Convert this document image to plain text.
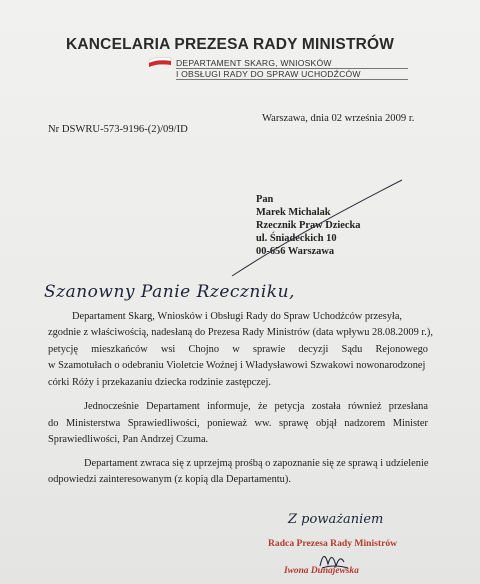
KANCELARIA PREZESA RADY MINISTRÓW
DEPARTAMENT SKARG, WNIOSKÓW
I OBSŁUGI RADY DO SPRAW UCHODŹCÓW
Warszawa, dnia 02 września 2009 r.
Nr DSWRU-573-9196-(2)/09/ID
Pan
Marek Michalak
Rzecznik Praw Dziecka
ul. Śniadeckich 10
00-656 Warszawa
Szanowny Panie Rzeczniku,
Departament Skarg, Wniosków i Obsługi Rady do Spraw Uchodźców przesyła,
zgodnie z właściwością, nadesłaną do Prezesa Rady Ministrów (data wpływu 28.08.2009 r.),
petycję mieszkańców wsi Chojno w sprawie decyzji Sądu Rejonowego
w Szamotułach o odebraniu Violetcie Woźnej i Władysławowi Szwakowi nowonarodzonej
córki Róży i przekazaniu dziecka rodzinie zastępczej.
Jednocześnie Departament informuje, że petycja została również przesłana
do Ministerstwa Sprawiedliwości, ponieważ ww. sprawę objął nadzorem Minister
Sprawiedliwości, Pan Andrzej Czuma.
Departament zwraca się z uprzejmą prośbą o zapoznanie się ze sprawą i udzielenie
odpowiedzi zainteresowanym (z kopią dla Departamentu).
Z poważaniem
Radca Prezesa Rady Ministrów
Iwona Dunajewska
